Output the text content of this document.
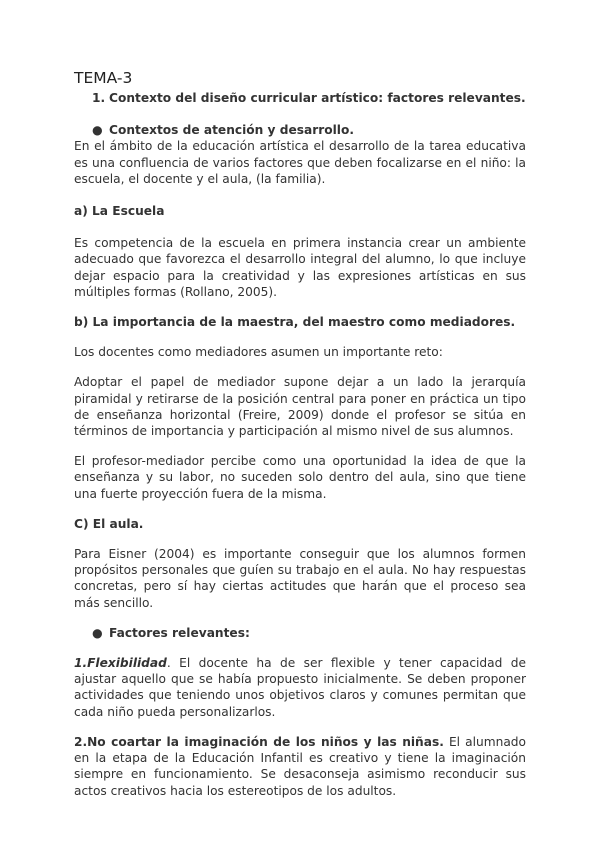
TEMA-3
1. Contexto del diseño curricular artístico: factores relevantes.
● Contextos de atención y desarrollo.

En el ámbito de la educación artística el desarrollo de la tarea educativa es una confluencia de varios factores que deben focalizarse en el niño: la escuela, el docente y el aula, (la familia).

a) La Escuela

Es competencia de la escuela en primera instancia crear un ambiente adecuado que favorezca el desarrollo integral del alumno, lo que incluye dejar espacio para la creatividad y las expresiones artísticas en sus múltiples formas (Rollano, 2005).

b) La importancia de la maestra, del maestro como mediadores.

Los docentes como mediadores asumen un importante reto:

Adoptar el papel de mediador supone dejar a un lado la jerarquía piramidal y retirarse de la posición central para poner en práctica un tipo de enseñanza horizontal (Freire, 2009) donde el profesor se sitúa en términos de importancia y participación al mismo nivel de sus alumnos.

El profesor-mediador percibe como una oportunidad la idea de que la enseñanza y su labor, no suceden solo dentro del aula, sino que tiene una fuerte proyección fuera de la misma.

C) El aula.

Para Eisner (2004) es importante conseguir que los alumnos formen propósitos personales que guíen su trabajo en el aula. No hay respuestas concretas, pero sí hay ciertas actitudes que harán que el proceso sea más sencillo.

● Factores relevantes:

1.Flexibilidad. El docente ha de ser flexible y tener capacidad de ajustar aquello que se había propuesto inicialmente. Se deben proponer actividades que teniendo unos objetivos claros y comunes permitan que cada niño pueda personalizarlos.

2.No coartar la imaginación de los niños y las niñas. El alumnado en la etapa de la Educación Infantil es creativo y tiene la imaginación siempre en funcionamiento. Se desaconseja asimismo reconducir sus actos creativos hacia los estereotipos de los adultos.
